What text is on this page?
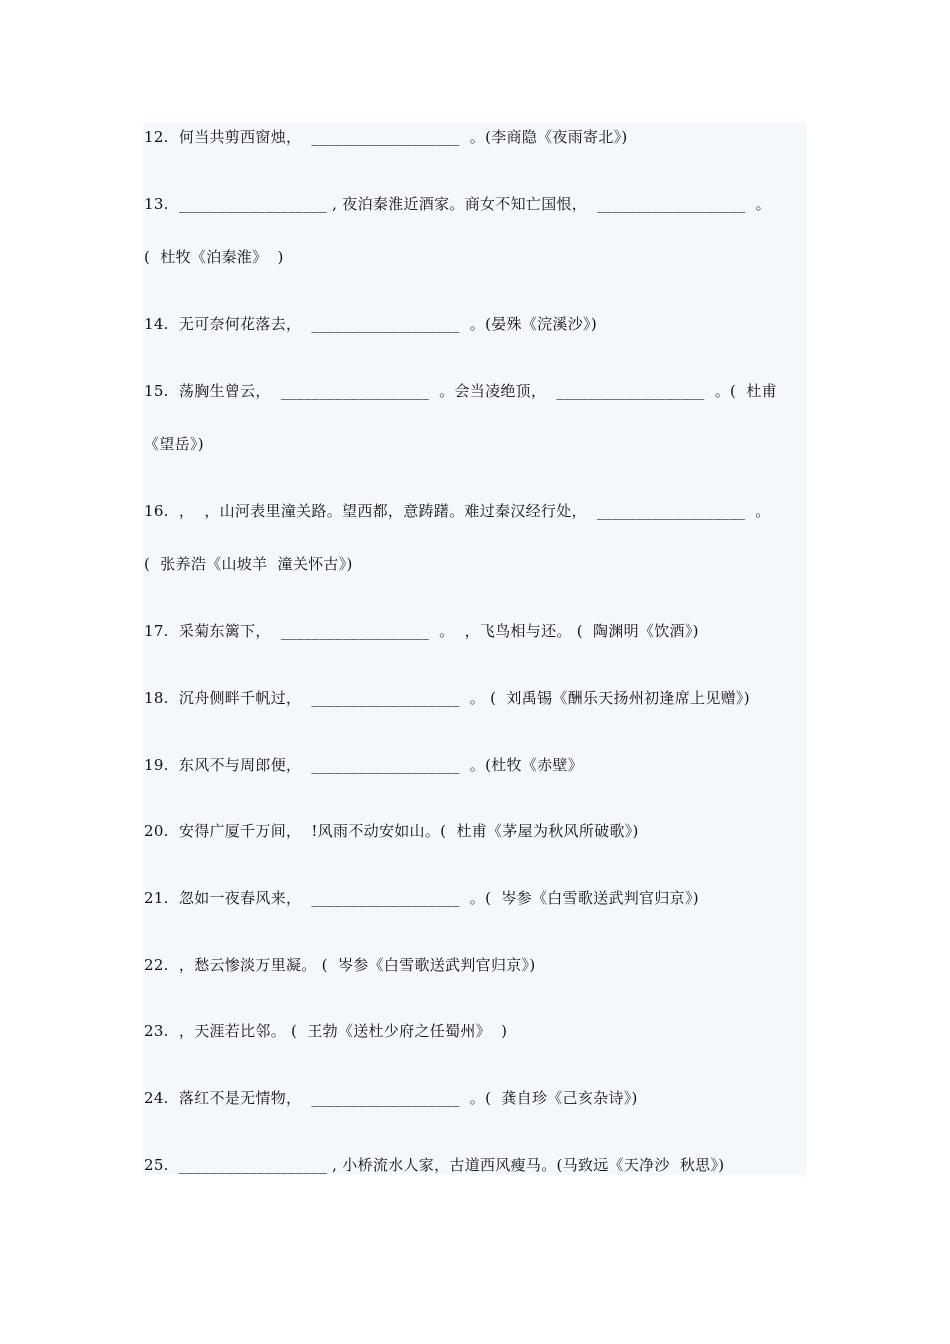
12.  何当共剪西窗烛，  ___________________  。(李商隐《夜雨寄北》)
13.  ___________________ , 夜泊秦淮近酒家。商女不知亡国恨，  ___________________  。
(  杜牧《泊秦淮》  )
14.  无可奈何花落去，  ___________________  。(晏殊《浣溪沙》)
15.  荡胸生曾云，  ___________________  。会当凌绝顶，  ___________________  。(  杜甫
《望岳》)
16.  ，  ，山河表里潼关路。望西都，意踌躇。难过秦汉经行处，  ___________________  。
(  张养浩《山坡羊  潼关怀古》)
17.  采菊东篱下，  ___________________  。  ，飞鸟相与还。 (  陶渊明《饮酒》)
18.  沉舟侧畔千帆过，  ___________________  。 (  刘禹锡《酬乐天扬州初逢席上见赠》)
19.  东风不与周郎便，  ___________________  。(杜牧《赤壁》
20.  安得广厦千万间，  !风雨不动安如山。(  杜甫《茅屋为秋风所破歌》)
21.  忽如一夜春风来，  ___________________  。(  岑参《白雪歌送武判官归京》)
22.  ，愁云惨淡万里凝。 (  岑参《白雪歌送武判官归京》)
23.  ，天涯若比邻。 (  王勃《送杜少府之任蜀州》  )
24.  落红不是无情物，  ___________________  。(  龚自珍《己亥杂诗》)
25.  ___________________ , 小桥流水人家，古道西风瘦马。(马致远《天净沙  秋思》)
